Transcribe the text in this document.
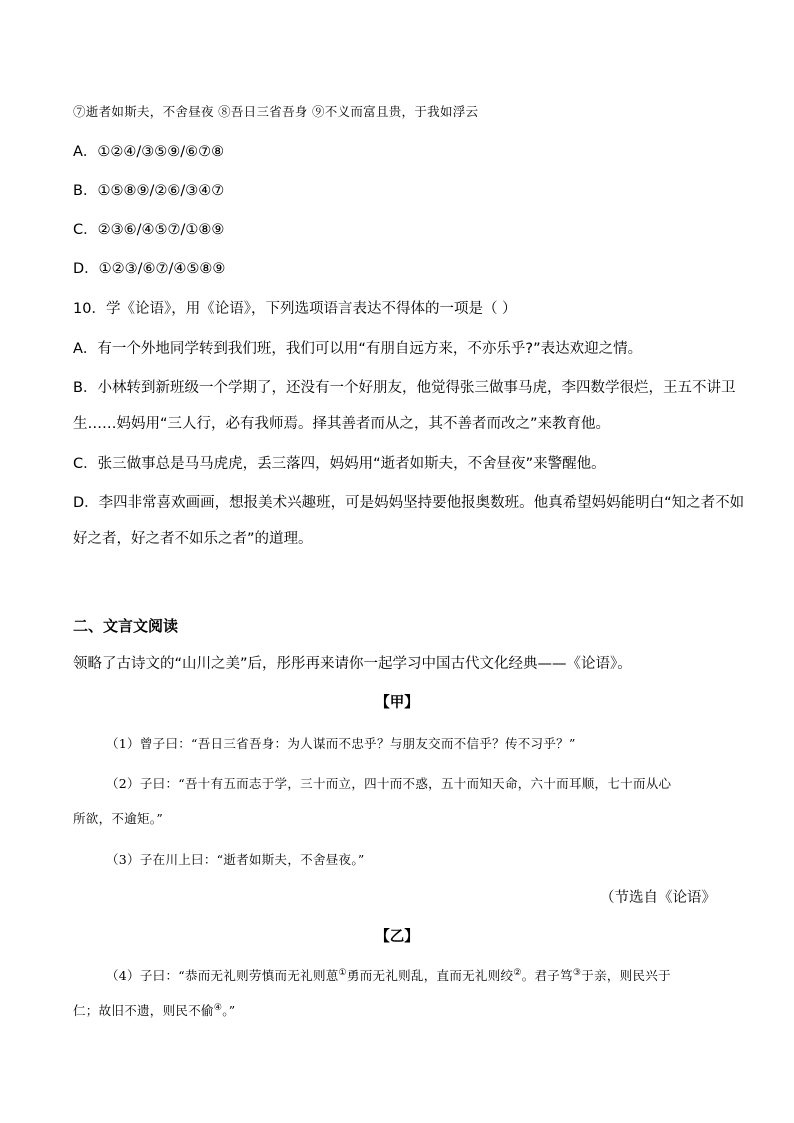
⑦逝者如斯夫，不舍昼夜 ⑧吾日三省吾身 ⑨不义而富且贵，于我如浮云
A．①②④/③⑤⑨/⑥⑦⑧
B．①⑤⑧⑨/②⑥/③④⑦
C．②③⑥/④⑤⑦/①⑧⑨
D．①②③/⑥⑦/④⑤⑧⑨
10．学《论语》，用《论语》，下列选项语言表达不得体的一项是（ ）
A．有一个外地同学转到我们班，我们可以用“有朋自远方来，不亦乐乎?”表达欢迎之情。
B．小林转到新班级一个学期了，还没有一个好朋友，他觉得张三做事马虎，李四数学很烂，王五不讲卫
生……妈妈用“三人行，必有我师焉。择其善者而从之，其不善者而改之”来教育他。
C．张三做事总是马马虎虎，丢三落四，妈妈用“逝者如斯夫，不舍昼夜”来警醒他。
D．李四非常喜欢画画，想报美术兴趣班，可是妈妈坚持要他报奥数班。他真希望妈妈能明白“知之者不如
好之者，好之者不如乐之者”的道理。
二、文言文阅读
领略了古诗文的“山川之美”后，彤彤再来请你一起学习中国古代文化经典——《论语》。
【甲】
（1）曾子曰：“吾日三省吾身：为人谋而不忠乎？与朋友交而不信乎？传不习乎？”
（2）子曰：“吾十有五而志于学，三十而立，四十而不惑，五十而知天命，六十而耳顺，七十而从心
所欲，不逾矩。”
（3）子在川上曰：“逝者如斯夫，不舍昼夜。”
（节选自《论语》
【乙】
（4）子曰：“恭而无礼则劳慎而无礼则葸①勇而无礼则乱，直而无礼则绞②。君子笃③于亲，则民兴于
仁；故旧不遗，则民不偷④。”
